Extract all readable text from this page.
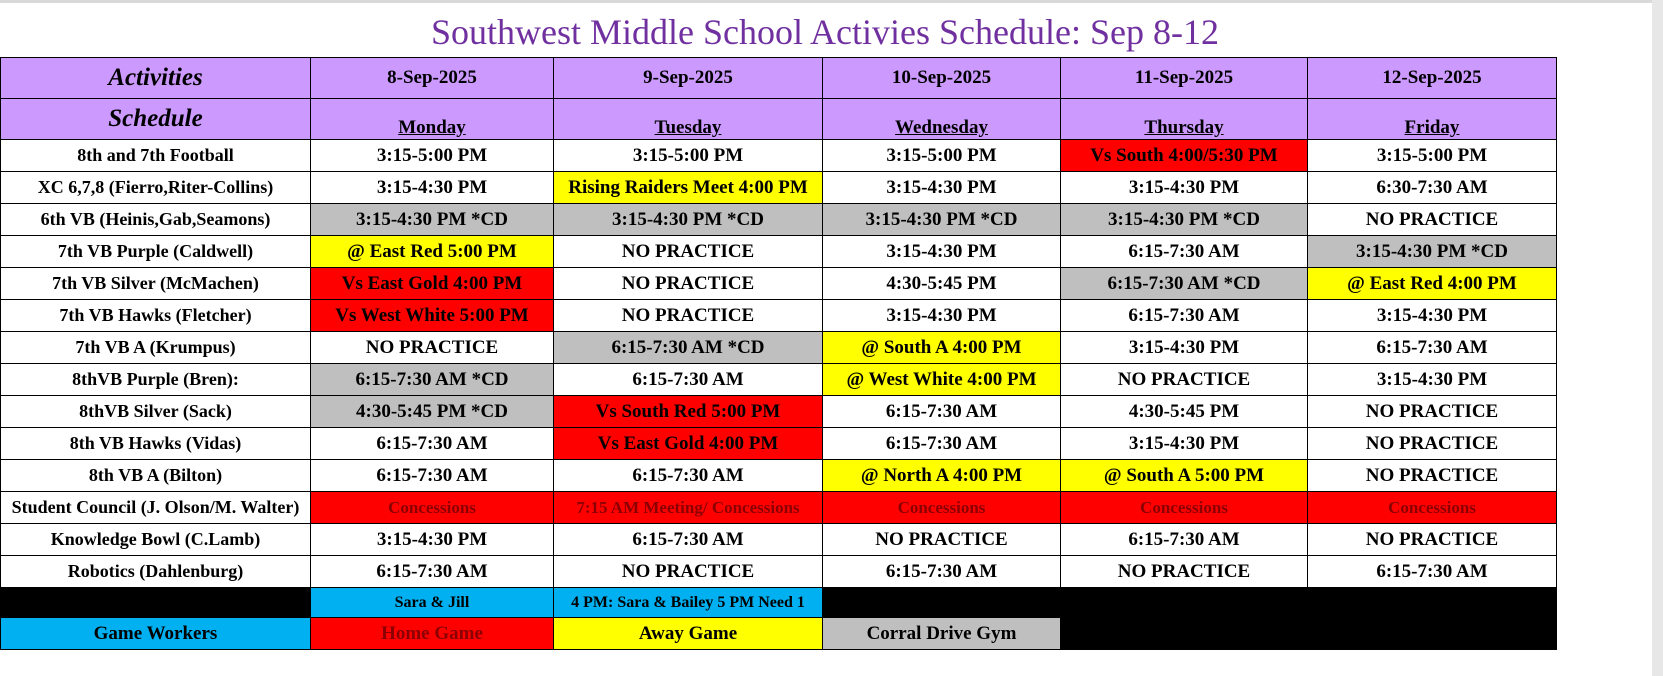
Southwest Middle School Activies Schedule: Sep 8-12
Activities	8-Sep-2025	9-Sep-2025	10-Sep-2025	11-Sep-2025	12-Sep-2025
Schedule	Monday	Tuesday	Wednesday	Thursday	Friday
8th and 7th Football	3:15-5:00 PM	3:15-5:00 PM	3:15-5:00 PM	Vs South 4:00/5:30 PM	3:15-5:00 PM
XC 6,7,8 (Fierro,Riter-Collins)	3:15-4:30 PM	Rising Raiders Meet 4:00 PM	3:15-4:30 PM	3:15-4:30 PM	6:30-7:30 AM
6th VB (Heinis,Gab,Seamons)	3:15-4:30 PM *CD	3:15-4:30 PM *CD	3:15-4:30 PM *CD	3:15-4:30 PM *CD	NO PRACTICE
7th VB Purple (Caldwell)	@ East Red 5:00 PM	NO PRACTICE	3:15-4:30 PM	6:15-7:30 AM	3:15-4:30 PM *CD
7th VB Silver (McMachen)	Vs East Gold 4:00 PM	NO PRACTICE	4:30-5:45 PM	6:15-7:30 AM *CD	@ East Red 4:00 PM
7th VB Hawks (Fletcher)	Vs West White 5:00 PM	NO PRACTICE	3:15-4:30 PM	6:15-7:30 AM	3:15-4:30 PM
7th VB A (Krumpus)	NO PRACTICE	6:15-7:30 AM *CD	@ South A 4:00 PM	3:15-4:30 PM	6:15-7:30 AM
8thVB Purple (Bren):	6:15-7:30 AM *CD	6:15-7:30 AM	@ West White 4:00 PM	NO PRACTICE	3:15-4:30 PM
8thVB Silver (Sack)	4:30-5:45 PM *CD	Vs South Red 5:00 PM	6:15-7:30 AM	4:30-5:45 PM	NO PRACTICE
8th VB Hawks (Vidas)	6:15-7:30 AM	Vs East Gold 4:00 PM	6:15-7:30 AM	3:15-4:30 PM	NO PRACTICE
8th VB A (Bilton)	6:15-7:30 AM	6:15-7:30 AM	@ North A 4:00 PM	@ South A 5:00 PM	NO PRACTICE
Student Council (J. Olson/M. Walter)	Concessions	7:15 AM Meeting/ Concessions	Concessions	Concessions	Concessions
Knowledge Bowl (C.Lamb)	3:15-4:30 PM	6:15-7:30 AM	NO PRACTICE	6:15-7:30 AM	NO PRACTICE
Robotics (Dahlenburg)	6:15-7:30 AM	NO PRACTICE	6:15-7:30 AM	NO PRACTICE	6:15-7:30 AM
	Sara & Jill	4 PM: Sara & Bailey 5 PM Need 1			
Game Workers	Home Game	Away Game	Corral Drive Gym		
